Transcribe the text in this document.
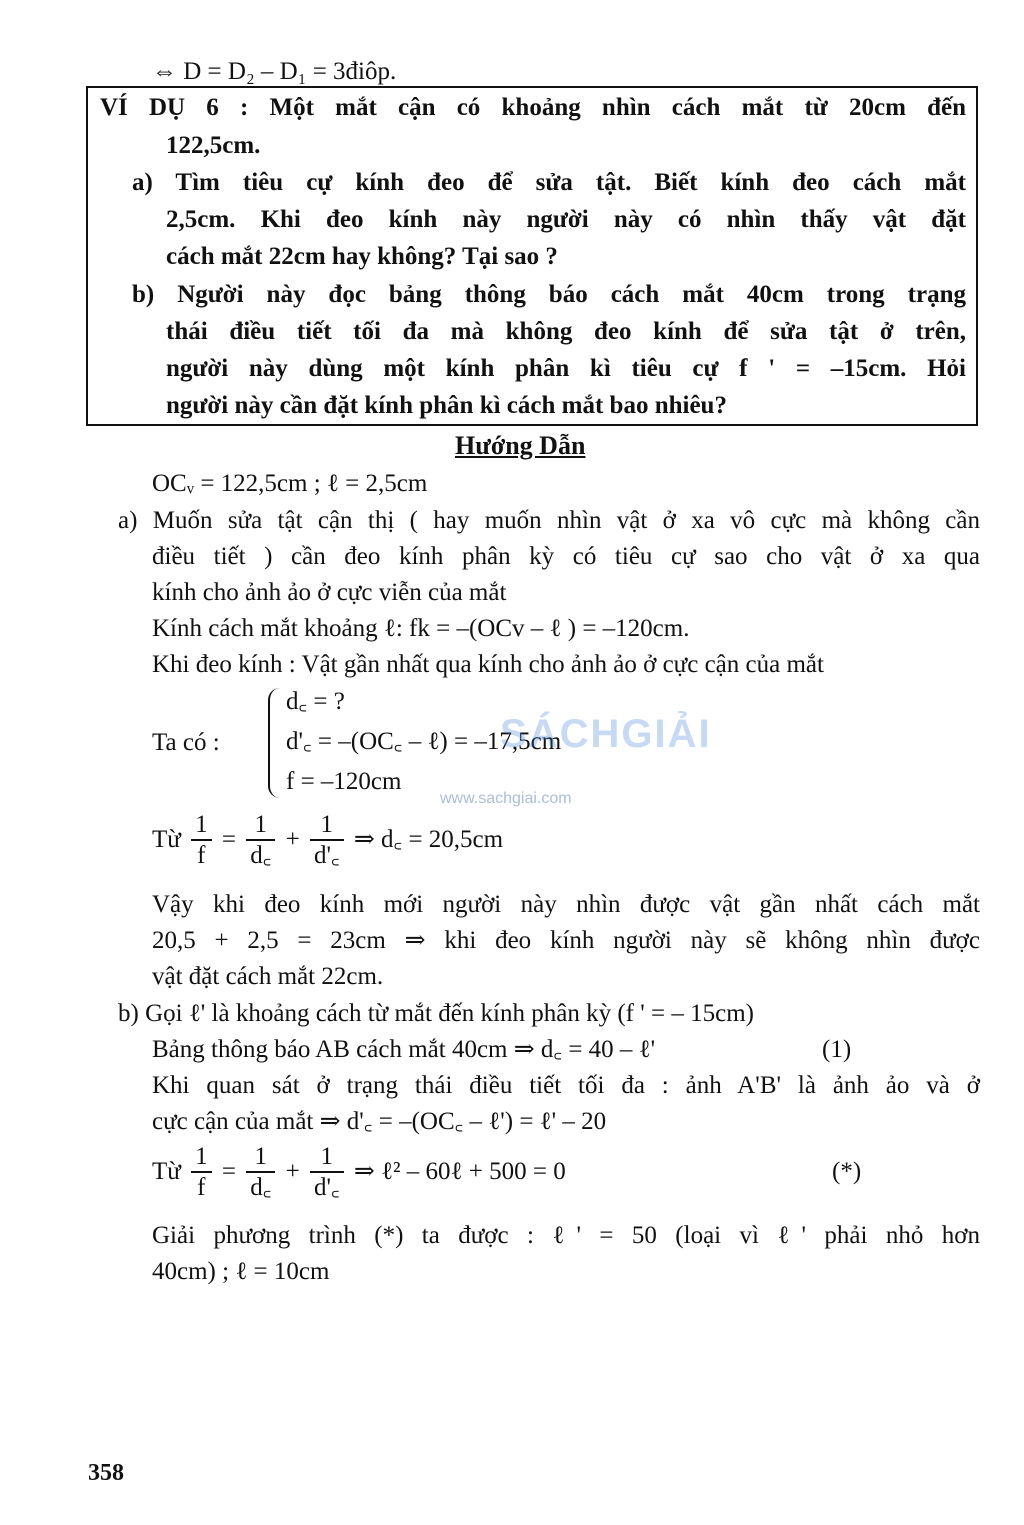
⇔ D = D₂ – D₁ = 3điôp.
VÍ DỤ 6 : Một mắt cận có khoảng nhìn cách mắt từ 20cm đến
122,5cm.
a) Tìm tiêu cự kính đeo để sửa tật. Biết kính đeo cách mắt
2,5cm. Khi đeo kính này người này có nhìn thấy vật đặt
cách mắt 22cm hay không? Tại sao ?
b) Người này đọc bảng thông báo cách mắt 40cm trong trạng
thái điều tiết tối đa mà không đeo kính để sửa tật ở trên,
người này dùng một kính phân kì tiêu cự f ' = –15cm. Hỏi
người này cần đặt kính phân kì cách mắt bao nhiêu?
Hướng Dẫn
OCᵥ = 122,5cm ; ℓ = 2,5cm
a) Muốn sửa tật cận thị ( hay muốn nhìn vật ở xa vô cực mà không cần
điều tiết ) cần đeo kính phân kỳ có tiêu cự sao cho vật ở xa qua
kính cho ảnh ảo ở cực viễn của mắt
Kính cách mắt khoảng ℓ: fk = –(OCv – ℓ ) = –120cm.
Khi đeo kính : Vật gần nhất qua kính cho ảnh ảo ở cực cận của mắt
Ta có :
d꜀ = ?
d'꜀ = –(OC꜀ – ℓ) = –17,5cm
f = –120cm
SÁCHGIẢI
www.sachgiai.com
Từ $\frac{1}{f} = \frac{1}{d꜀} + \frac{1}{d'꜀}$ ⇒ d꜀ = 20,5cm
Vậy khi đeo kính mới người này nhìn được vật gần nhất cách mắt
20,5 + 2,5 = 23cm ⇒ khi đeo kính người này sẽ không nhìn được
vật đặt cách mắt 22cm.
b) Gọi ℓ' là khoảng cách từ mắt đến kính phân kỳ (f ' = – 15cm)
Bảng thông báo AB cách mắt 40cm ⇒ d꜀ = 40 – ℓ'	(1)
Khi quan sát ở trạng thái điều tiết tối đa : ảnh A'B' là ảnh ảo và ở
cực cận của mắt ⇒ d'꜀ = –(OC꜀ – ℓ') = ℓ' – 20
Từ $\frac{1}{f} = \frac{1}{d꜀} + \frac{1}{d'꜀}$ ⇒ ℓ² – 60ℓ + 500 = 0	(*)
Giải phương trình (*) ta được : ℓ' = 50 (loại vì ℓ' phải nhỏ hơn
40cm) ; ℓ = 10cm
358
